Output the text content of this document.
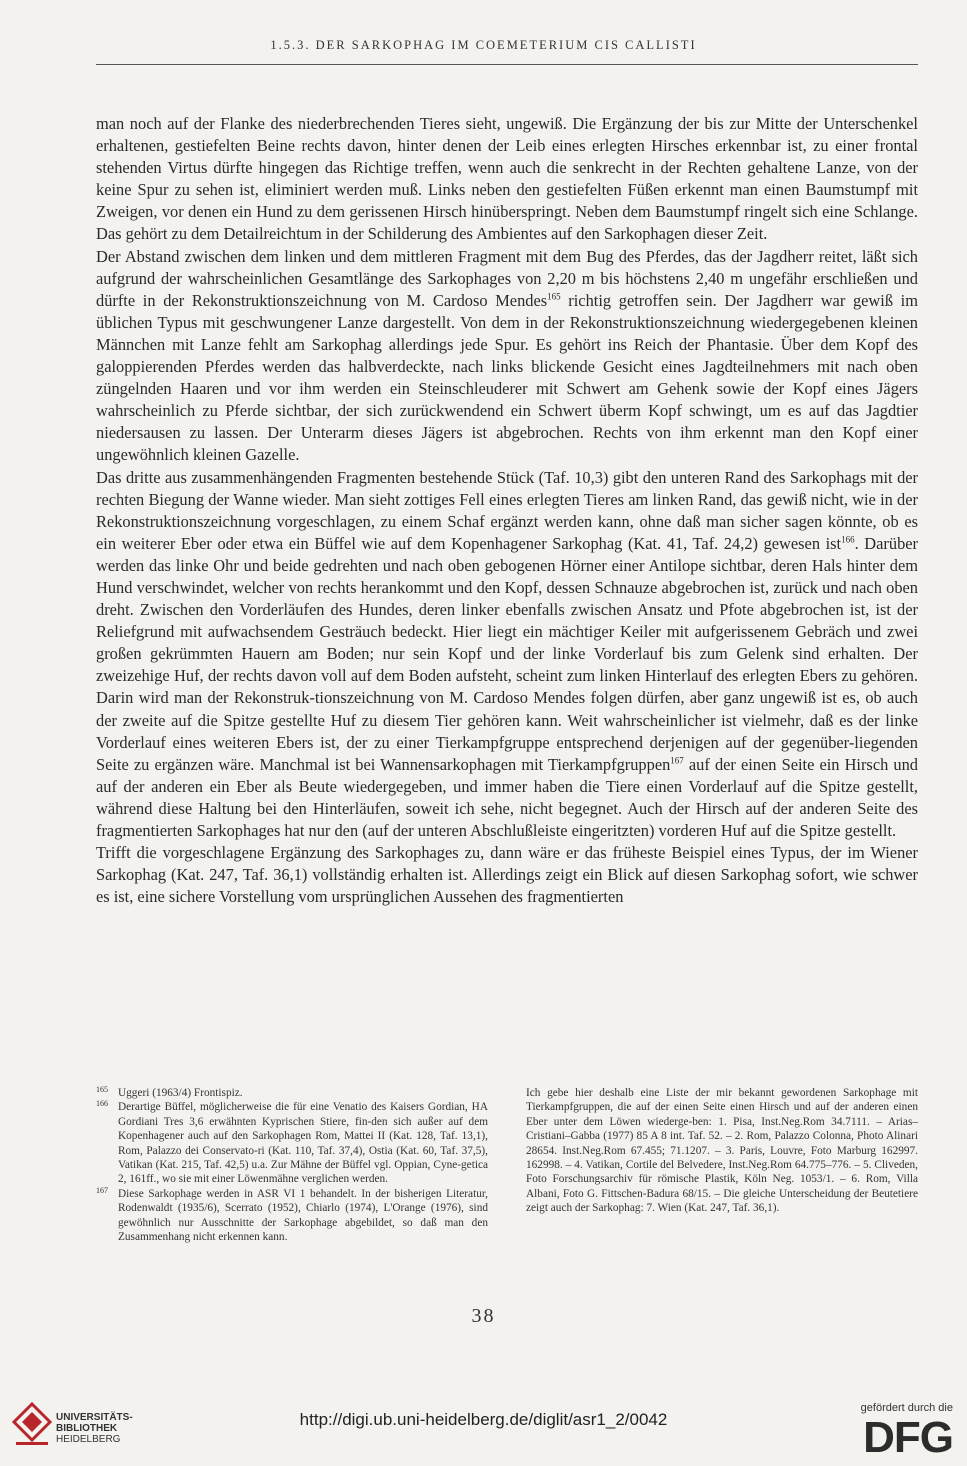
1.5.3. DER SARKOPHAG IM COEMETERIUM CIS CALLISTI

man noch auf der Flanke des niederbrechenden Tieres sieht, ungewiß. Die Ergänzung der bis zur Mitte der Unterschenkel erhaltenen, gestiefelten Beine rechts davon, hinter denen der Leib eines erlegten Hirsches erkennbar ist, zu einer frontal stehenden Virtus dürfte hingegen das Richtige treffen, wenn auch die senkrecht in der Rechten gehaltene Lanze, von der keine Spur zu sehen ist, eliminiert werden muß. Links neben den gestiefelten Füßen erkennt man einen Baumstumpf mit Zweigen, vor denen ein Hund zu dem gerissenen Hirsch hinüberspringt. Neben dem Baumstumpf ringelt sich eine Schlange. Das gehört zu dem Detailreichtum in der Schilderung des Ambientes auf den Sarkophagen dieser Zeit.

Der Abstand zwischen dem linken und dem mittleren Fragment mit dem Bug des Pferdes, das der Jagdherr reitet, läßt sich aufgrund der wahrscheinlichen Gesamtlänge des Sarkophages von 2,20 m bis höchstens 2,40 m ungefähr erschließen und dürfte in der Rekonstruktionszeichnung von M. Cardoso Mendes$^{165}$ richtig getroffen sein. Der Jagdherr war gewiß im üblichen Typus mit geschwungener Lanze dargestellt. Von dem in der Rekonstruktionszeichnung wiedergegebenen kleinen Männchen mit Lanze fehlt am Sarkophag allerdings jede Spur. Es gehört ins Reich der Phantasie. Über dem Kopf des galoppierenden Pferdes werden das halbverdeckte, nach links blickende Gesicht eines Jagdteilnehmers mit nach oben züngelnden Haaren und vor ihm werden ein Steinschleuderer mit Schwert am Gehenk sowie der Kopf eines Jägers wahrscheinlich zu Pferde sichtbar, der sich zurückwendend ein Schwert überm Kopf schwingt, um es auf das Jagdtier niedersausen zu lassen. Der Unterarm dieses Jägers ist abgebrochen. Rechts von ihm erkennt man den Kopf einer ungewöhnlich kleinen Gazelle.

Das dritte aus zusammenhängenden Fragmenten bestehende Stück (Taf. 10,3) gibt den unteren Rand des Sarkophags mit der rechten Biegung der Wanne wieder. Man sieht zottiges Fell eines erlegten Tieres am linken Rand, das gewiß nicht, wie in der Rekonstruktionszeichnung vorgeschlagen, zu einem Schaf ergänzt werden kann, ohne daß man sicher sagen könnte, ob es ein weiterer Eber oder etwa ein Büffel wie auf dem Kopenhagener Sarkophag (Kat. 41, Taf. 24,2) gewesen ist$^{166}$. Darüber werden das linke Ohr und beide gedrehten und nach oben gebogenen Hörner einer Antilope sichtbar, deren Hals hinter dem Hund verschwindet, welcher von rechts herankommt und den Kopf, dessen Schnauze abgebrochen ist, zurück und nach oben dreht. Zwischen den Vorderläufen des Hundes, deren linker ebenfalls zwischen Ansatz und Pfote abgebrochen ist, ist der Reliefgrund mit aufwachsendem Gesträuch bedeckt. Hier liegt ein mächtiger Keiler mit aufgerissenem Gebräch und zwei großen gekrümmten Hauern am Boden; nur sein Kopf und der linke Vorderlauf bis zum Gelenk sind erhalten. Der zweizehige Huf, der rechts davon voll auf dem Boden aufsteht, scheint zum linken Hinterlauf des erlegten Ebers zu gehören. Darin wird man der Rekonstruk-tionszeichnung von M. Cardoso Mendes folgen dürfen, aber ganz ungewiß ist es, ob auch der zweite auf die Spitze gestellte Huf zu diesem Tier gehören kann. Weit wahrscheinlicher ist vielmehr, daß es der linke Vorderlauf eines weiteren Ebers ist, der zu einer Tierkampfgruppe entsprechend derjenigen auf der gegenüber-liegenden Seite zu ergänzen wäre. Manchmal ist bei Wannensarkophagen mit Tierkampfgruppen$^{167}$ auf der einen Seite ein Hirsch und auf der anderen ein Eber als Beute wiedergegeben, und immer haben die Tiere einen Vorderlauf auf die Spitze gestellt, während diese Haltung bei den Hinterläufen, soweit ich sehe, nicht begegnet. Auch der Hirsch auf der anderen Seite des fragmentierten Sarkophages hat nur den (auf der unteren Abschlußleiste eingeritzten) vorderen Huf auf die Spitze gestellt.

Trifft die vorgeschlagene Ergänzung des Sarkophages zu, dann wäre er das früheste Beispiel eines Typus, der im Wiener Sarkophag (Kat. 247, Taf. 36,1) vollständig erhalten ist. Allerdings zeigt ein Blick auf diesen Sarkophag sofort, wie schwer es ist, eine sichere Vorstellung vom ursprünglichen Aussehen des fragmentierten

165 Uggeri (1963/4) Frontispiz.
166 Derartige Büffel, möglicherweise die für eine Venatio des Kaisers Gordian, HA Gordiani Tres 3,6 erwähnten Kyprischen Stiere, fin-den sich außer auf dem Kopenhagener auch auf den Sarkophagen Rom, Mattei II (Kat. 128, Taf. 13,1), Rom, Palazzo dei Conservato-ri (Kat. 110, Taf. 37,4), Ostia (Kat. 60, Taf. 37,5), Vatikan (Kat. 215, Taf. 42,5) u.a. Zur Mähne der Büffel vgl. Oppian, Cyne-getica 2, 161ff., wo sie mit einer Löwenmähne verglichen werden.
167 Diese Sarkophage werden in ASR VI 1 behandelt. In der bisherigen Literatur, Rodenwaldt (1935/6), Scerrato (1952), Chiarlo (1974), L'Orange (1976), sind gewöhnlich nur Ausschnitte der Sarkophage abgebildet, so daß man den Zusammenhang nicht erkennen kann.
Ich gebe hier deshalb eine Liste der mir bekannt gewordenen Sarkophage mit Tierkampfgruppen, die auf der einen Seite einen Hirsch und auf der anderen einen Eber unter dem Löwen wiederge-ben: 1. Pisa, Inst.Neg.Rom 34.7111. – Arias–Cristiani–Gabba (1977) 85 A 8 int. Taf. 52. – 2. Rom, Palazzo Colonna, Photo Alinari 28654. Inst.Neg.Rom 67.455; 71.1207. – 3. Paris, Louvre, Foto Marburg 162997. 162998. – 4. Vatikan, Cortile del Belvedere, Inst.Neg.Rom 64.775–776. – 5. Cliveden, Foto Forschungsarchiv für römische Plastik, Köln Neg. 1053/1. – 6. Rom, Villa Albani, Foto G. Fittschen-Badura 68/15. – Die gleiche Unterscheidung der Beutetiere zeigt auch der Sarkophag: 7. Wien (Kat. 247, Taf. 36,1).
38
UNIVERSITÄTS-
BIBLIOTHEK
HEIDELBERG
http://digi.ub.uni-heidelberg.de/diglit/asr1_2/0042
gefördert durch die
DFG
